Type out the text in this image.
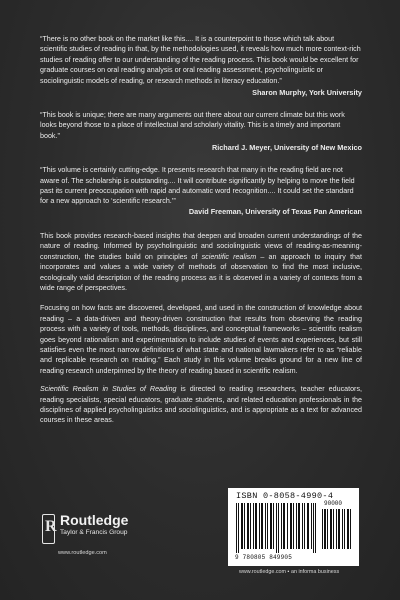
“There is no other book on the market like this.... It is a counterpoint to those which talk about scientific studies of reading in that, by the methodologies used, it reveals how much more context-rich studies of reading offer to our understanding of the reading process. This book would be excellent for graduate courses on oral reading analysis or oral reading assessment, psycholinguistic or sociolinguistic models of reading, or research methods in literacy education.”

Sharon Murphy, York University

“This book is unique; there are many arguments out there about our current climate but this work looks beyond those to a place of intellectual and scholarly vitality. This is a timely and important book.”

Richard J. Meyer, University of New Mexico

“This volume is certainly cutting-edge. It presents research that many in the reading field are not aware of. The scholarship is outstanding.... It will contribute significantly by helping to move the field past its current preoccupation with rapid and automatic word recognition.... It could set the standard for a new approach to ‘scientific research.’”

David Freeman, University of Texas Pan American

This book provides research-based insights that deepen and broaden current understandings of the nature of reading. Informed by psycholinguistic and sociolinguistic views of reading-as-meaning-construction, the studies build on principles of scientific realism – an approach to inquiry that incorporates and values a wide variety of methods of observation to find the most inclusive, ecologically valid description of the reading process as it is observed in a variety of contexts from a wide range of perspectives.

Focusing on how facts are discovered, developed, and used in the construction of knowledge about reading – a data-driven and theory-driven construction that results from observing the reading process with a variety of tools, methods, disciplines, and conceptual frameworks – scientific realism goes beyond rationalism and experimentation to include studies of events and experiences, but still satisfies even the most narrow definitions of what state and national lawmakers refer to as “reliable and replicable research on reading.” Each study in this volume breaks ground for a new line of reading research underpinned by the theory of reading based in scientific realism.

Scientific Realism in Studies of Reading is directed to reading researchers, teacher educators, reading specialists, special educators, graduate students, and related education professionals in the disciplines of applied psycholinguistics and sociolinguistics, and is appropriate as a text for advanced courses in these areas.

R Routledge
Taylor & Francis Group
www.routledge.com
ISBN 0-8058-4990-4
9 780805 849905
90000
www.routledge.com ▪ an informa business
